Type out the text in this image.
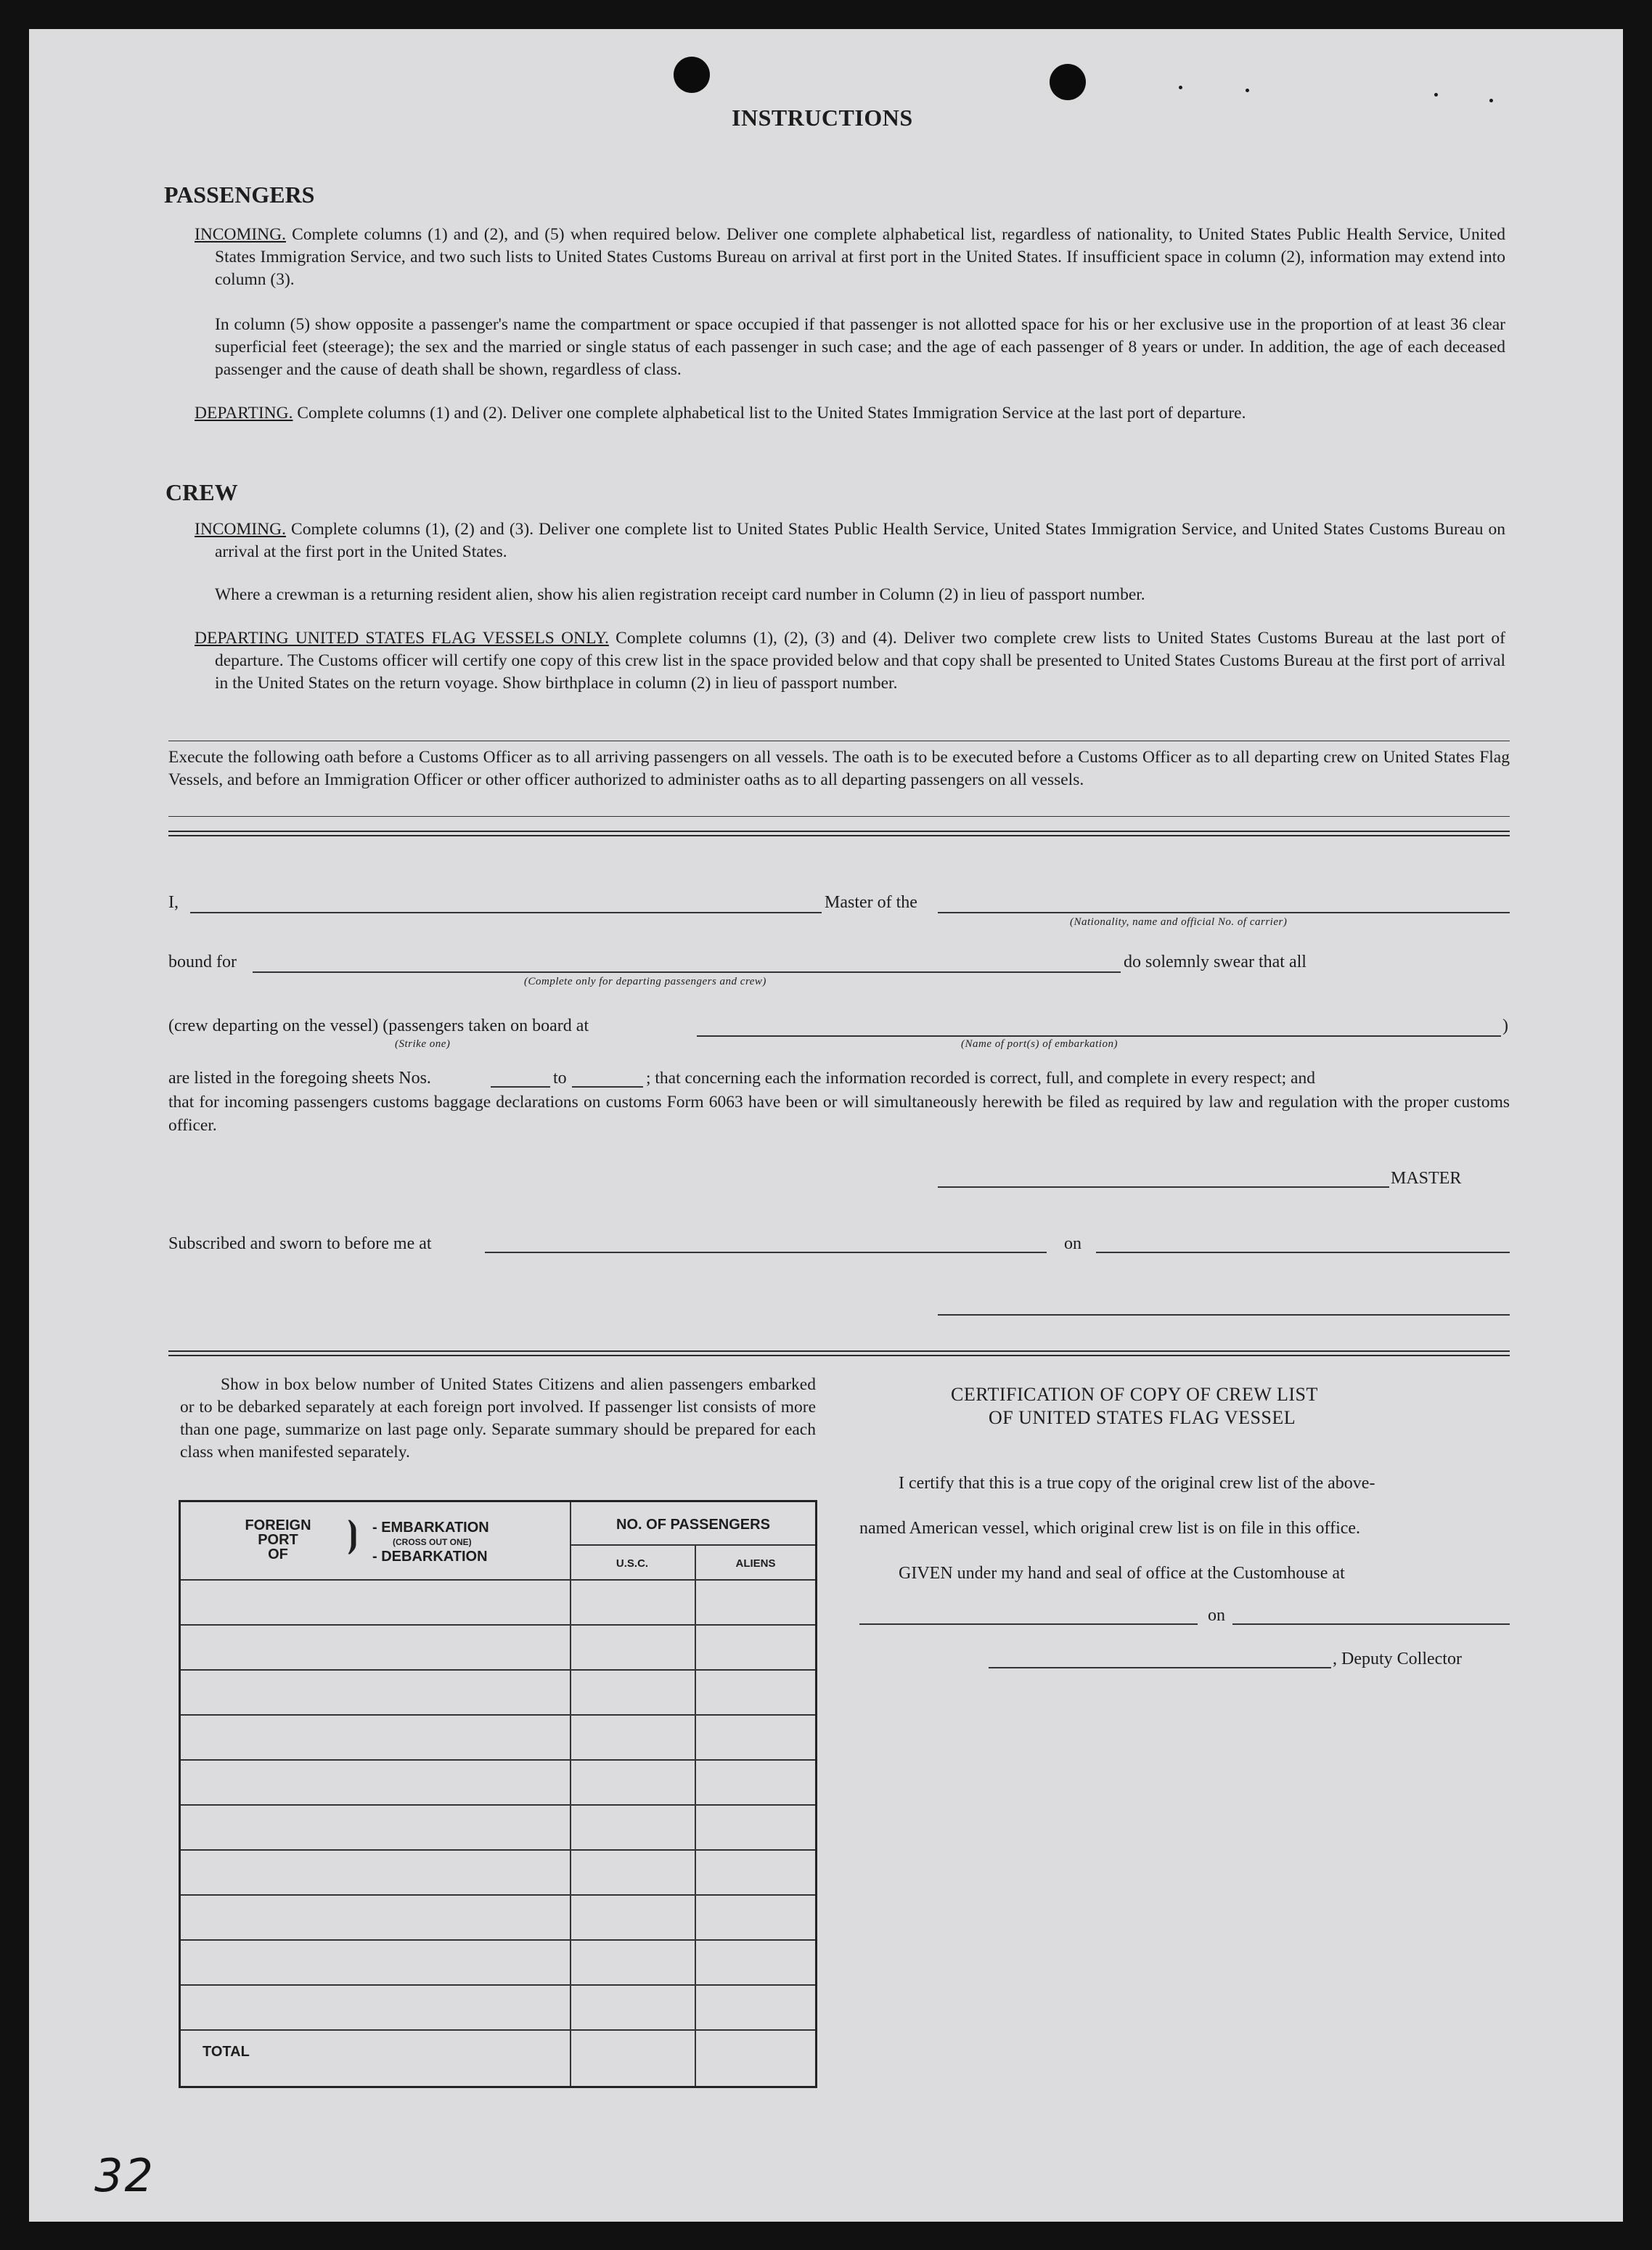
INSTRUCTIONS
PASSENGERS

INCOMING. Complete columns (1) and (2), and (5) when required below. Deliver one complete alphabetical list, regardless of nationality, to United States Public Health Service, United States Immigration Service, and two such lists to United States Customs Bureau on arrival at first port in the United States. If insufficient space in column (2), information may extend into column (3).

In column (5) show opposite a passenger's name the compartment or space occupied if that passenger is not allotted space for his or her exclusive use in the proportion of at least 36 clear superficial feet (steerage); the sex and the married or single status of each passenger in such case; and the age of each passenger of 8 years or under. In addition, the age of each deceased passenger and the cause of death shall be shown, regardless of class.

DEPARTING. Complete columns (1) and (2). Deliver one complete alphabetical list to the United States Immigration Service at the last port of departure.

CREW

INCOMING. Complete columns (1), (2) and (3). Deliver one complete list to United States Public Health Service, United States Immigration Service, and United States Customs Bureau on arrival at the first port in the United States.

Where a crewman is a returning resident alien, show his alien registration receipt card number in Column (2) in lieu of passport number.

DEPARTING UNITED STATES FLAG VESSELS ONLY. Complete columns (1), (2), (3) and (4). Deliver two complete crew lists to United States Customs Bureau at the last port of departure. The Customs officer will certify one copy of this crew list in the space provided below and that copy shall be presented to United States Customs Bureau at the first port of arrival in the United States on the return voyage. Show birthplace in column (2) in lieu of passport number.

Execute the following oath before a Customs Officer as to all arriving passengers on all vessels. The oath is to be executed before a Customs Officer as to all departing crew on United States Flag Vessels, and before an Immigration Officer or other officer authorized to administer oaths as to all departing passengers on all vessels.

I,	Master of the
(Nationality, name and official No. of carrier)
bound for
(Complete only for departing passengers and crew)
do solemnly swear that all
(crew departing on the vessel) (passengers taken on board at	)
(Strike one)	(Name of port(s) of embarkation)
are listed in the foregoing sheets Nos.	to	; that concerning each the information recorded is correct, full, and complete in every respect; and

that for incoming passengers customs baggage declarations on customs Form 6063 have been or will simultaneously herewith be filed as required by law and regulation with the proper customs officer.

MASTER
Subscribed and sworn to before me at	on

Show in box below number of United States Citizens and alien passengers embarked or to be debarked separately at each foreign port involved. If passenger list consists of more than one page, summarize on last page only. Separate summary should be prepared for each class when manifested separately.

FOREIGN
PORT
OF	⦘ - EMBARKATION
(CROSS OUT ONE)
- DEBARKATION
NO. OF PASSENGERS
U.S.C.	ALIENS
TOTAL
CERTIFICATION OF COPY OF CREW LIST
OF UNITED STATES FLAG VESSEL
I certify that this is a true copy of the original crew list of the above-
named American vessel, which original crew list is on file in this office.
GIVEN under my hand and seal of office at the Customhouse at
on
, Deputy Collector
32
